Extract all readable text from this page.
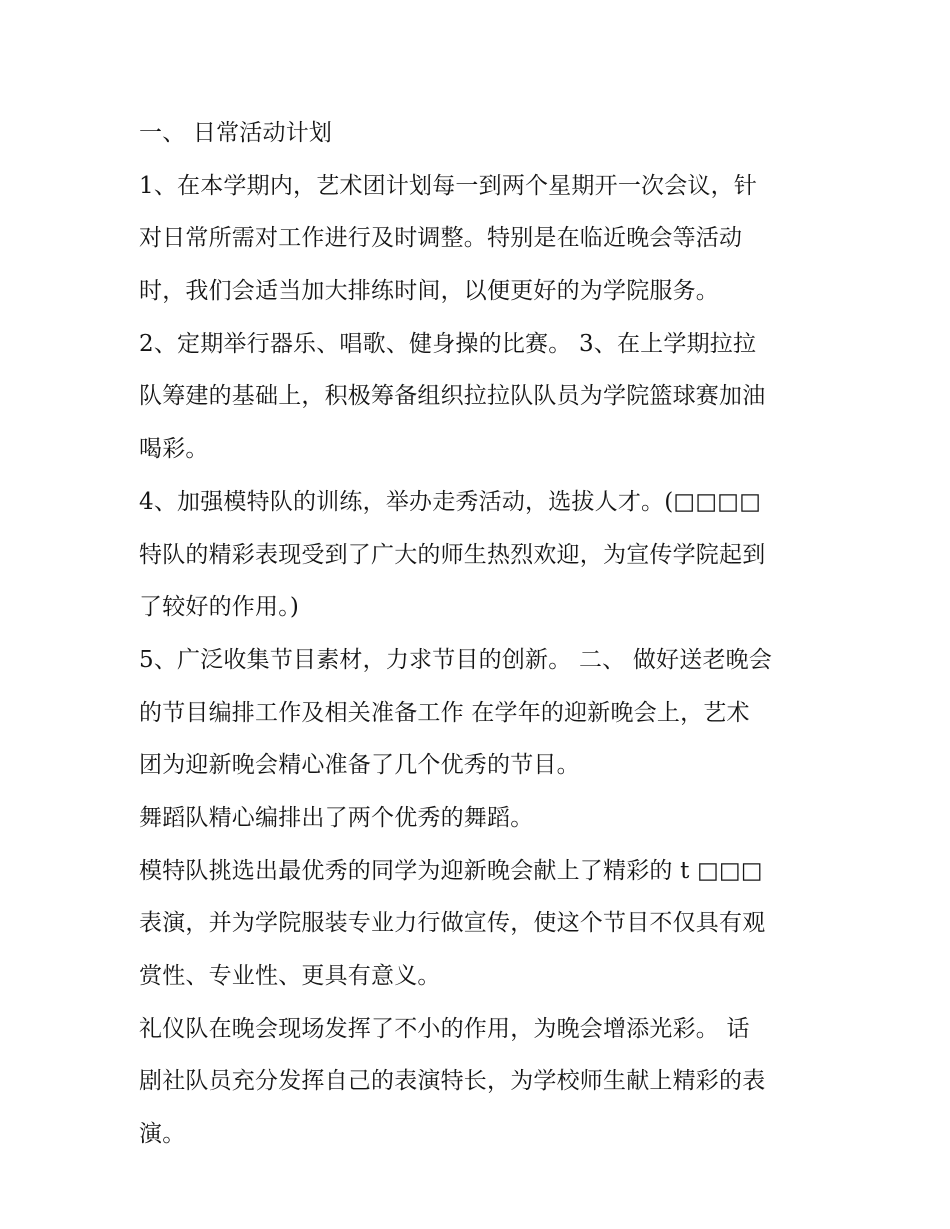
一、 日常活动计划
1、在本学期内，艺术团计划每一到两个星期开一次会议，针
对日常所需对工作进行及时调整。特别是在临近晚会等活动
时，我们会适当加大排练时间，以便更好的为学院服务。
2、定期举行器乐、唱歌、健身操的比赛。 3、在上学期拉拉
队筹建的基础上，积极筹备组织拉拉队队员为学院篮球赛加油
喝彩。
4、加强模特队的训练，举办走秀活动，选拔人才。(□□□□
特队的精彩表现受到了广大的师生热烈欢迎，为宣传学院起到
了较好的作用。)
5、广泛收集节目素材，力求节目的创新。 二、 做好送老晚会
的节目编排工作及相关准备工作 在学年的迎新晚会上，艺术
团为迎新晚会精心准备了几个优秀的节目。
舞蹈队精心编排出了两个优秀的舞蹈。
模特队挑选出最优秀的同学为迎新晚会献上了精彩的 t □□□
表演，并为学院服装专业力行做宣传，使这个节目不仅具有观
赏性、专业性、更具有意义。
礼仪队在晚会现场发挥了不小的作用，为晚会增添光彩。 话
剧社队员充分发挥自己的表演特长，为学校师生献上精彩的表
演。
